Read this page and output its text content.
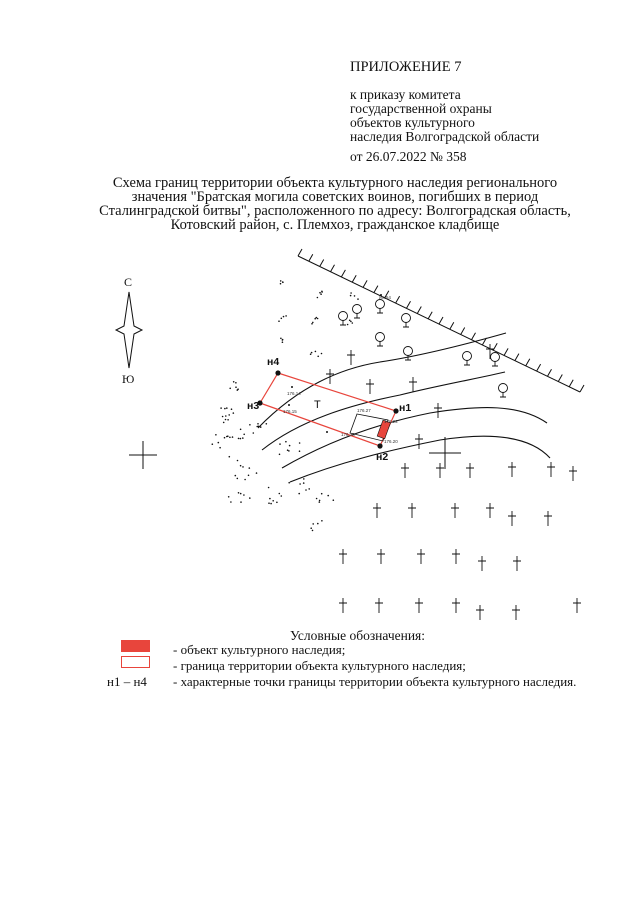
ПРИЛОЖЕНИЕ 7
к приказу комитета
государственной охраны
объектов культурного
наследия Волгоградской области
от 26.07.2022 № 358
Схема границ территории объекта культурного наследия регионального
значения "Братская могила советских воинов, погибших в период
Сталинградской битвы", расположенного по адресу: Волгоградская область,
Котовский район, с. Племхоз, гражданское кладбище
С
Ю
н1
н2
н3
н4
Т
176.14
176.15	176.27
176.28
176.22
176.20
Ив.54
Условные обозначения:
- объект культурного наследия;
- граница территории объекта культурного наследия;
н1 – н4 - характерные точки границы территории объекта культурного наследия.
